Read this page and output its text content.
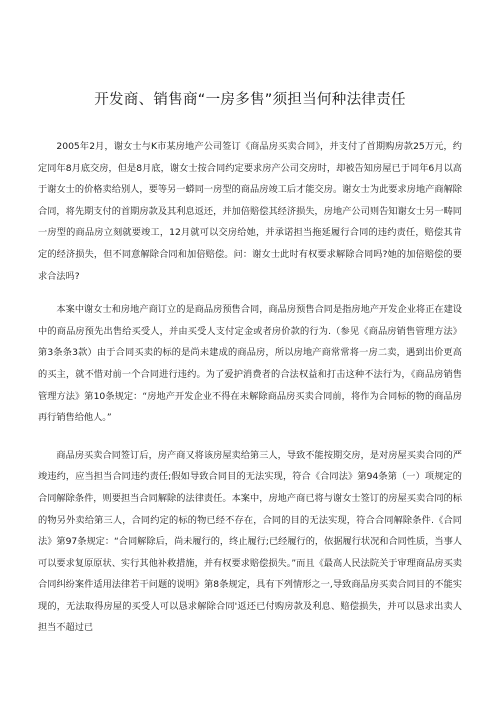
开发商、销售商“一房多售”须担当何种法律责任

2005年2月，谢女士与K市某房地产公司签订《商品房买卖合同》，并支付了首期购房款25万元，约定同年8月底交房，但是8月底，谢女士按合同约定要求房产公司交房时，却被告知房屋已于同年6月以高于谢女士的价格卖给别人，要等另一蟒同一房型的商品房竣工后才能交房。谢女士为此要求房地产商解除合同，将先期支付的首期房款及其利息返还，并加倍赔偿其经济损失，房地产公司则告知谢女士另一畴同一房型的商品房立刻就要竣工，12月就可以交房给她，并承诺担当拖延履行合同的违约责任，赔偿其肯定的经济损失，但不同意解除合同和加倍赔偿。问：谢女士此时有权要求解除合同吗?她的加倍赔偿的要求合法吗?

本案中谢女士和房地产商订立的是商品房预售合同，商品房预售合同是指房地产开发企业将正在建设中的商品房预先出售给买受人，并由买受人支付定金或者房价款的行为.（参见《商品房销售管理方法》第3条条3款）由于合同买卖的标的是尚未建成的商品房，所以房地产商常常将一房二卖，遇到出价更高的买主，就不惜对前一个合同进行违约。为了爱护消费者的合法权益和打击这种不法行为，《商品房销售管理方法》第10条规定：“房地产开发企业不得在未解除商品房买卖合同前，将作为合同标的物的商品房再行销售给他人。”

商品房买卖合同签订后，房产商又将该房屋卖给第三人，导致不能按期交房，是对房屋买卖合同的严竣违约，应当担当合同违约责任;假如导致合同目的无法实现，符合《合同法》第94条第（一）项规定的合同解除条件，则要担当合同解除的法律责任。本案中，房地产商已将与谢女士签订的房屋买卖合同的标的物另外卖给第三人，合同约定的标的物已经不存在，合同的目的无法实现，符合合同解除条件.《合同法》第97条规定：“合同解除后，尚未履行的，终止履行;已经履行的，依据履行状况和合同性质，当事人可以要求复原原状、实行其他补救措施，并有权要求赔偿损失。”而且《最高人民法院关于审理商品房买卖合同纠纷案件适用法律若干问题的说明》第8条规定，具有下列情形之一,导致商品房买卖合同目的不能实现的，无法取得房屋的买受人可以恳求解除合同'返还已付购房款及利息、赔偿损失，并可以恳求出卖人担当不超过已
